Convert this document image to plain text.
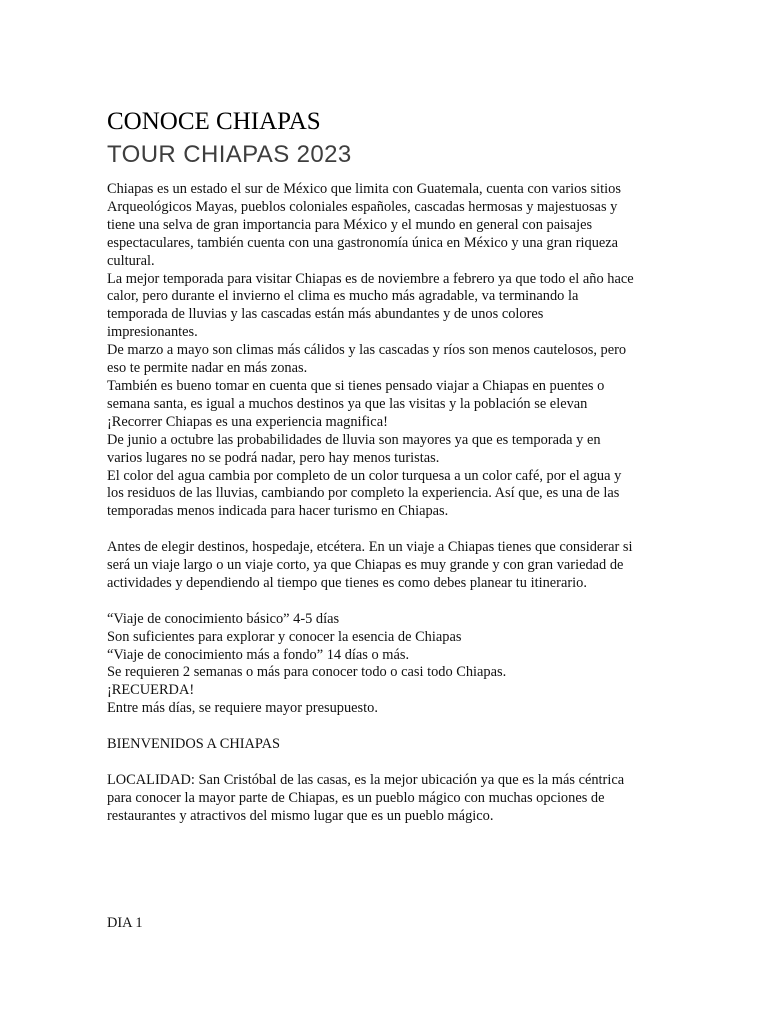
CONOCE CHIAPAS
TOUR CHIAPAS 2023

Chiapas es un estado el sur de México que limita con Guatemala, cuenta con varios sitios

Arqueológicos Mayas, pueblos coloniales españoles, cascadas hermosas y majestuosas y

tiene una selva de gran importancia para México y el mundo en general con paisajes

espectaculares, también cuenta con una gastronomía única en México y una gran riqueza

cultural.

La mejor temporada para visitar Chiapas es de noviembre a febrero ya que todo el año hace

calor, pero durante el invierno el clima es mucho más agradable, va terminando la

temporada de lluvias y las cascadas están más abundantes y de unos colores

impresionantes.

De marzo a mayo son climas más cálidos y las cascadas y ríos son menos cautelosos, pero

eso te permite nadar en más zonas.

También es bueno tomar en cuenta que si tienes pensado viajar a Chiapas en puentes o

semana santa, es igual a muchos destinos ya que las visitas y la población se elevan

¡Recorrer Chiapas es una experiencia magnifica!

De junio a octubre las probabilidades de lluvia son mayores ya que es temporada y en

varios lugares no se podrá nadar, pero hay menos turistas.

El color del agua cambia por completo de un color turquesa a un color café, por el agua y

los residuos de las lluvias, cambiando por completo la experiencia. Así que, es una de las

temporadas menos indicada para hacer turismo en Chiapas.

Antes de elegir destinos, hospedaje, etcétera. En un viaje a Chiapas tienes que considerar si

será un viaje largo o un viaje corto, ya que Chiapas es muy grande y con gran variedad de

actividades y dependiendo al tiempo que tienes es como debes planear tu itinerario.

“Viaje de conocimiento básico” 4-5 días

Son suficientes para explorar y conocer la esencia de Chiapas

“Viaje de conocimiento más a fondo” 14 días o más.

Se requieren 2 semanas o más para conocer todo o casi todo Chiapas.

¡RECUERDA!

Entre más días, se requiere mayor presupuesto.

BIENVENIDOS A CHIAPAS

LOCALIDAD: San Cristóbal de las casas, es la mejor ubicación ya que es la más céntrica

para conocer la mayor parte de Chiapas, es un pueblo mágico con muchas opciones de

restaurantes y atractivos del mismo lugar que es un pueblo mágico.

DIA 1
